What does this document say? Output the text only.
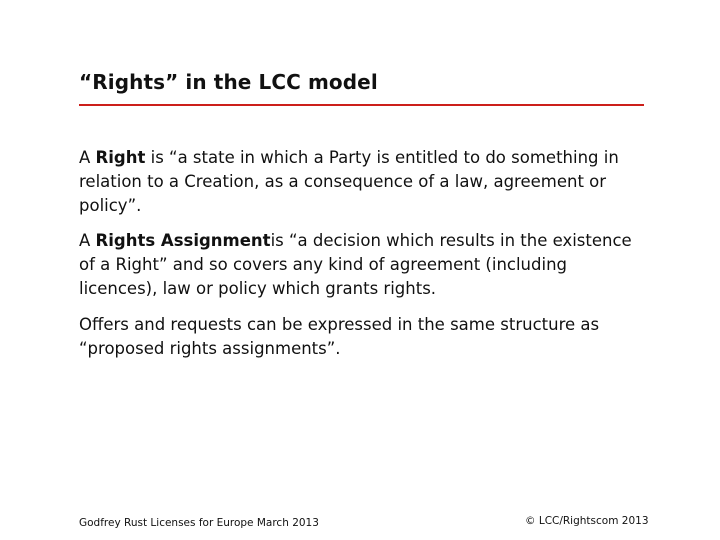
“Rights” in the LCC model

A Right is “a state in which a Party is entitled to do something in relation to a Creation, as a consequence of a law, agreement or policy”.

A Rights Assignmentis “a decision which results in the existence of a Right” and so covers any kind of agreement (including licences), law or policy which grants rights.

Offers and requests can be expressed in the same structure as “proposed rights assignments”.

Godfrey Rust Licenses for Europe March 2013	© LCC/Rightscom 2013
